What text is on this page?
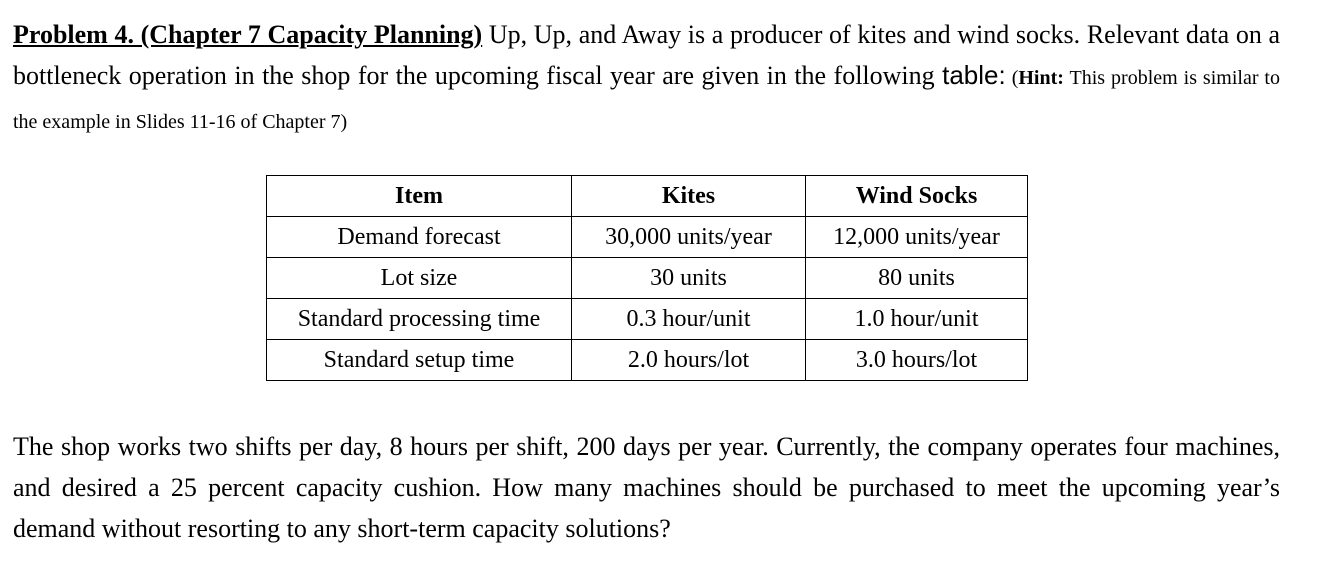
Problem 4. (Chapter 7 Capacity Planning) Up, Up, and Away is a producer of kites and wind socks. Relevant data on a bottleneck operation in the shop for the upcoming fiscal year are given in the following table: (Hint: This problem is similar to the example in Slides 11-16 of Chapter 7)

Item	Kites	Wind Socks
Demand forecast	30,000 units/year	12,000 units/year
Lot size	30 units	80 units
Standard processing time	0.3 hour/unit	1.0 hour/unit
Standard setup time	2.0 hours/lot	3.0 hours/lot

The shop works two shifts per day, 8 hours per shift, 200 days per year. Currently, the company operates four machines, and desired a 25 percent capacity cushion. How many machines should be purchased to meet the upcoming year’s demand without resorting to any short-term capacity solutions?
